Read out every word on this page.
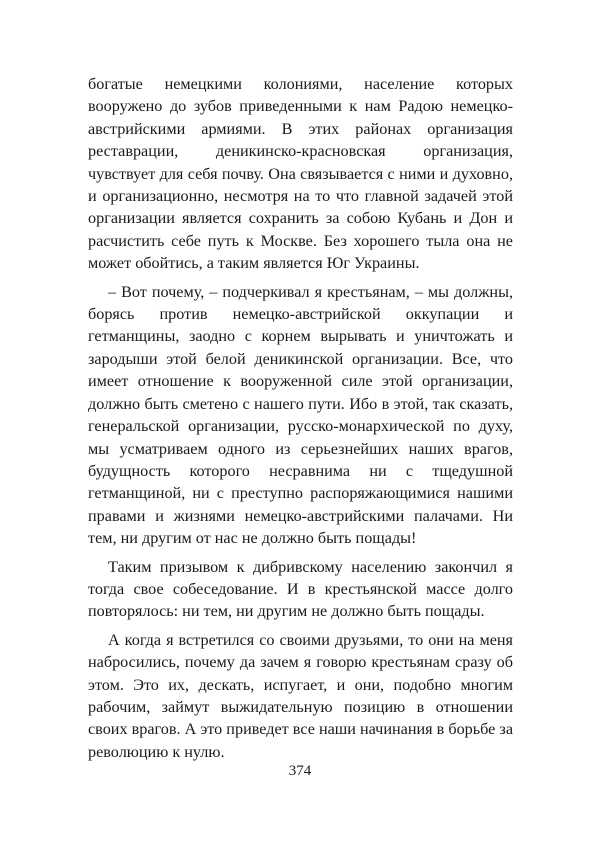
богатые немецкими колониями, население которых вооружено до зубов приведенными к нам Радою немецко-австрийскими армиями. В этих районах организация реставрации, деникинско-красновская организация, чувствует для себя почву. Она связывается с ними и духовно, и организационно, несмотря на то что главной задачей этой организации является сохранить за собою Кубань и Дон и расчистить себе путь к Москве. Без хорошего тыла она не может обойтись, а таким является Юг Украины.

– Вот почему, – подчеркивал я крестьянам, – мы должны, борясь против немецко-австрийской оккупации и гетманщины, заодно с корнем вырывать и уничтожать и зародыши этой белой деникинской организации. Все, что имеет отношение к вооруженной силе этой организации, должно быть сметено с нашего пути. Ибо в этой, так сказать, генеральской организации, русско-монархической по духу, мы усматриваем одного из серьезнейших наших врагов, будущность которого несравнима ни с тщедушной гетманщиной, ни с преступно распоряжающимися нашими правами и жизнями немецко-австрийскими палачами. Ни тем, ни другим от нас не должно быть пощады!

Таким призывом к дибривскому населению закончил я тогда свое собеседование. И в крестьянской массе долго повторялось: ни тем, ни другим не должно быть пощады.

А когда я встретился со своими друзьями, то они на меня набросились, почему да зачем я говорю крестьянам сразу об этом. Это их, дескать, испугает, и они, подобно многим рабочим, займут выжидательную позицию в отношении своих врагов. А это приведет все наши начинания в борьбе за революцию к нулю.

374
